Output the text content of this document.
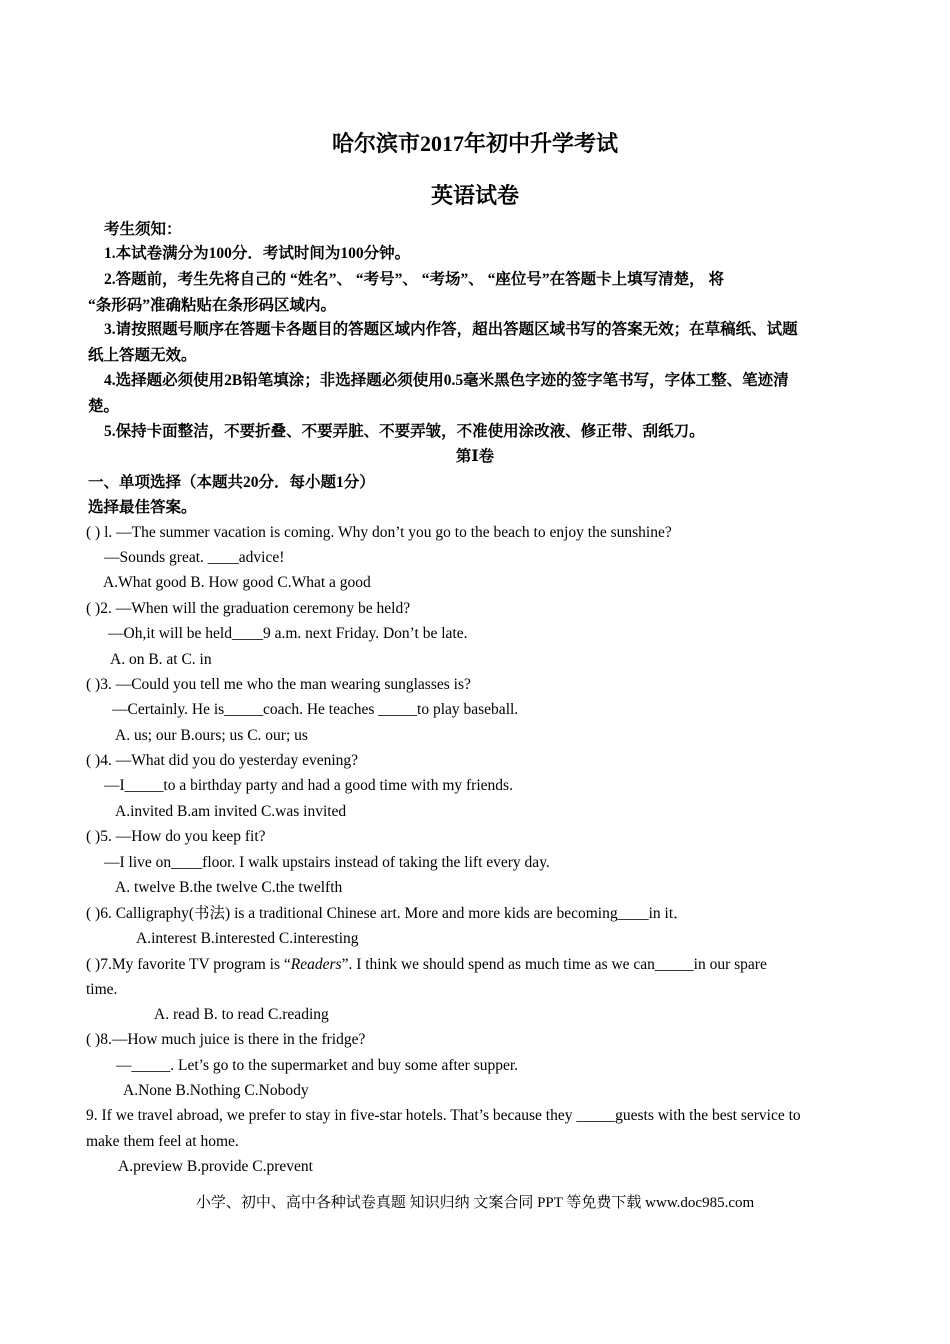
哈尔滨市2017年初中升学考试
英语试卷
考生须知：
1.本试卷满分为100分．考试时间为100分钟。
2.答题前，考生先将自己的 “姓名”、 “考号”、 “考场”、 “座位号”在答题卡上填写清楚， 将
“条形码”准确粘贴在条形码区域内。
3.请按照题号顺序在答题卡各题目的答题区域内作答，超出答题区域书写的答案无效；在草稿纸、试题
纸上答题无效。
4.选择题必须使用2B铅笔填涂；非选择题必须使用0.5毫米黑色字迹的签字笔书写，字体工整、笔迹清
楚。
5.保持卡面整洁，不要折叠、不要弄脏、不要弄皱，不准使用涂改液、修正带、刮纸刀。
第Ⅰ卷
一、单项选择（本题共20分．每小题1分）
选择最佳答案。
( ) l. —The summer vacation is coming. Why don’t you go to the beach to enjoy the sunshine?
—Sounds great. ____advice!
A.What good B. How good C.What a good
( )2. —When will the graduation ceremony be held?
—Oh,it will be held____9 a.m. next Friday. Don’t be late.
A. on B. at C. in
( )3. —Could you tell me who the man wearing sunglasses is?
—Certainly. He is_____coach. He teaches _____to play baseball.
A. us; our B.ours; us C. our; us
( )4. —What did you do yesterday evening?
—I_____to a birthday party and had a good time with my friends.
A.invited B.am invited C.was invited
( )5. —How do you keep fit?
—I live on____floor. I walk upstairs instead of taking the lift every day.
A. twelve B.the twelve C.the twelfth
( )6. Calligraphy(书法) is a traditional Chinese art. More and more kids are becoming____in it．
A.interest B.interested C.interesting
( )7.My favorite TV program is “Readers”. I think we should spend as much time as we can_____in our spare
time.
A. read B. to read C.reading
( )8.—How much juice is there in the fridge?
—_____. Let’s go to the supermarket and buy some after supper.
A.None B.Nothing C.Nobody
9. If we travel abroad, we prefer to stay in five-star hotels. That’s because they _____guests with the best service to
make them feel at home.
A.preview B.provide C.prevent
小学、初中、高中各种试卷真题 知识归纳 文案合同 PPT 等免费下载 www.doc985.com
